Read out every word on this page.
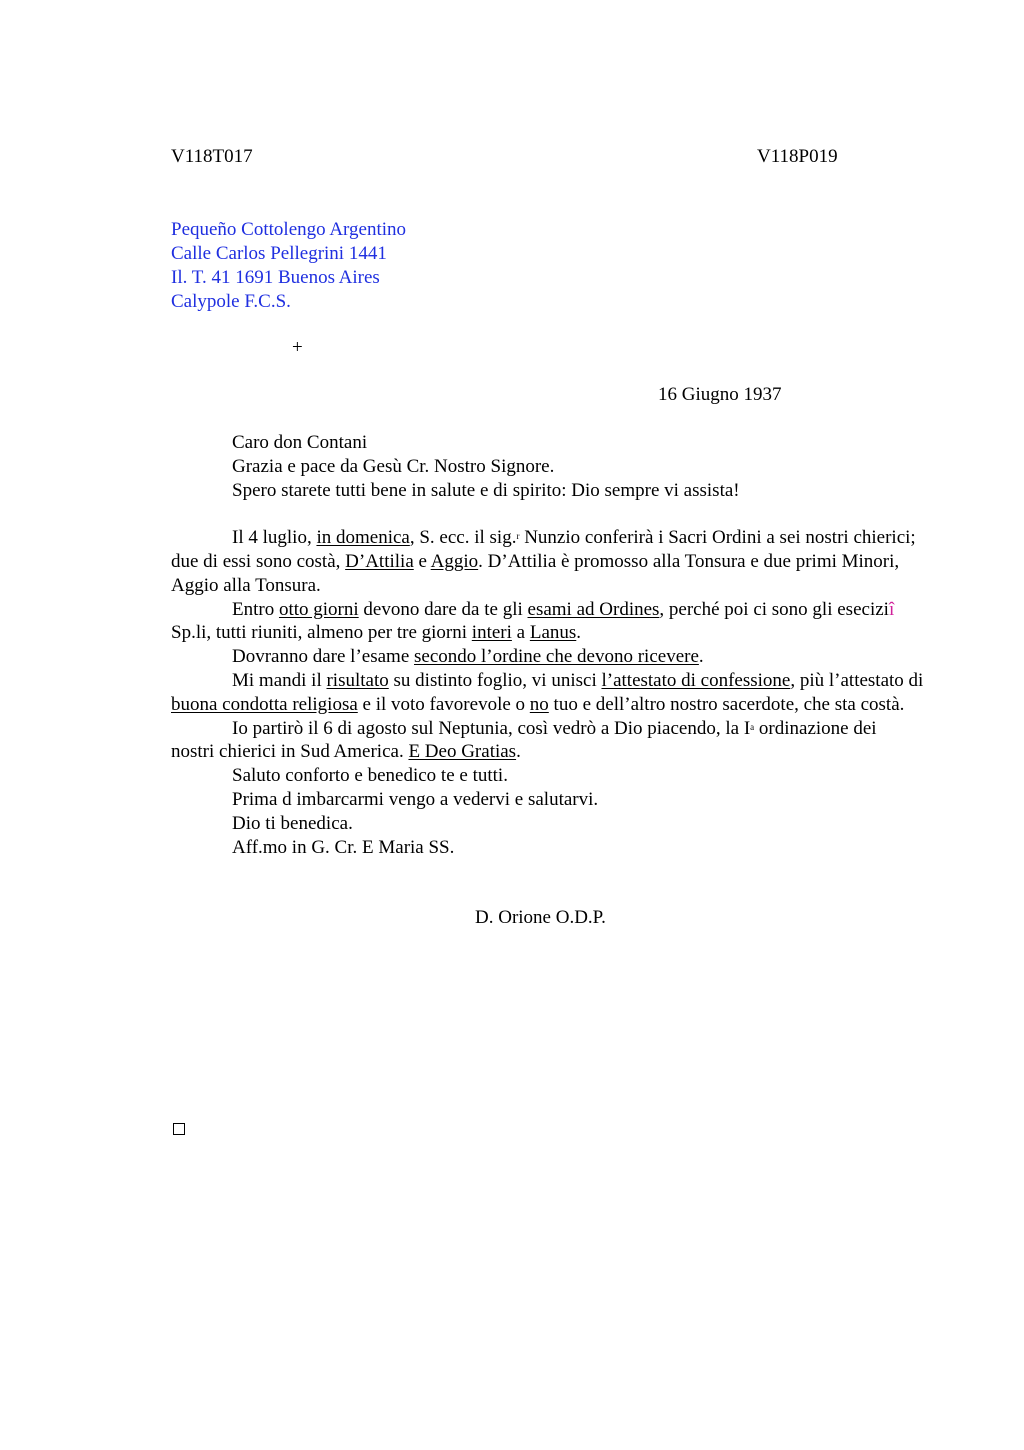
V118T017	V118P019
Pequeño Cottolengo Argentino
Calle Carlos Pellegrini 1441
Il. T. 41 1691 Buenos Aires
Calypole F.C.S.
+
16 Giugno 1937

Caro don Contani

Grazia e pace da Gesù Cr. Nostro Signore.

Spero starete tutti bene in salute e di spirito: Dio sempre vi assista!

Il 4 luglio, in domenica, S. ecc. il sig.$^r$ Nunzio conferirà i Sacri Ordini a sei nostri chierici; due di essi sono costà, D’Attilia e Aggio. D’Attilia è promosso alla Tonsura e due primi Minori, Aggio alla Tonsura.

Entro otto giorni devono dare da te gli esami ad Ordines, perché poi ci sono gli eseciziî Sp.li, tutti riuniti, almeno per tre giorni interi a Lanus.

Dovranno dare l’esame secondo l’ordine che devono ricevere.

Mi mandi il risultato su distinto foglio, vi unisci l’attestato di confessione, più l’attestato di buona condotta religiosa e il voto favorevole o no tuo e dell’altro nostro sacerdote, che sta costà.

Io partirò il 6 di agosto sul Neptunia, così vedrò a Dio piacendo, la $I^a$ ordinazione dei nostri chierici in Sud America. E Deo Gratias.

Saluto conforto e benedico te e tutti.

Prima d imbarcarmi vengo a vedervi e salutarvi.

Dio ti benedica.

Aff.mo in G. Cr. E Maria SS.

D. Orione O.D.P.
